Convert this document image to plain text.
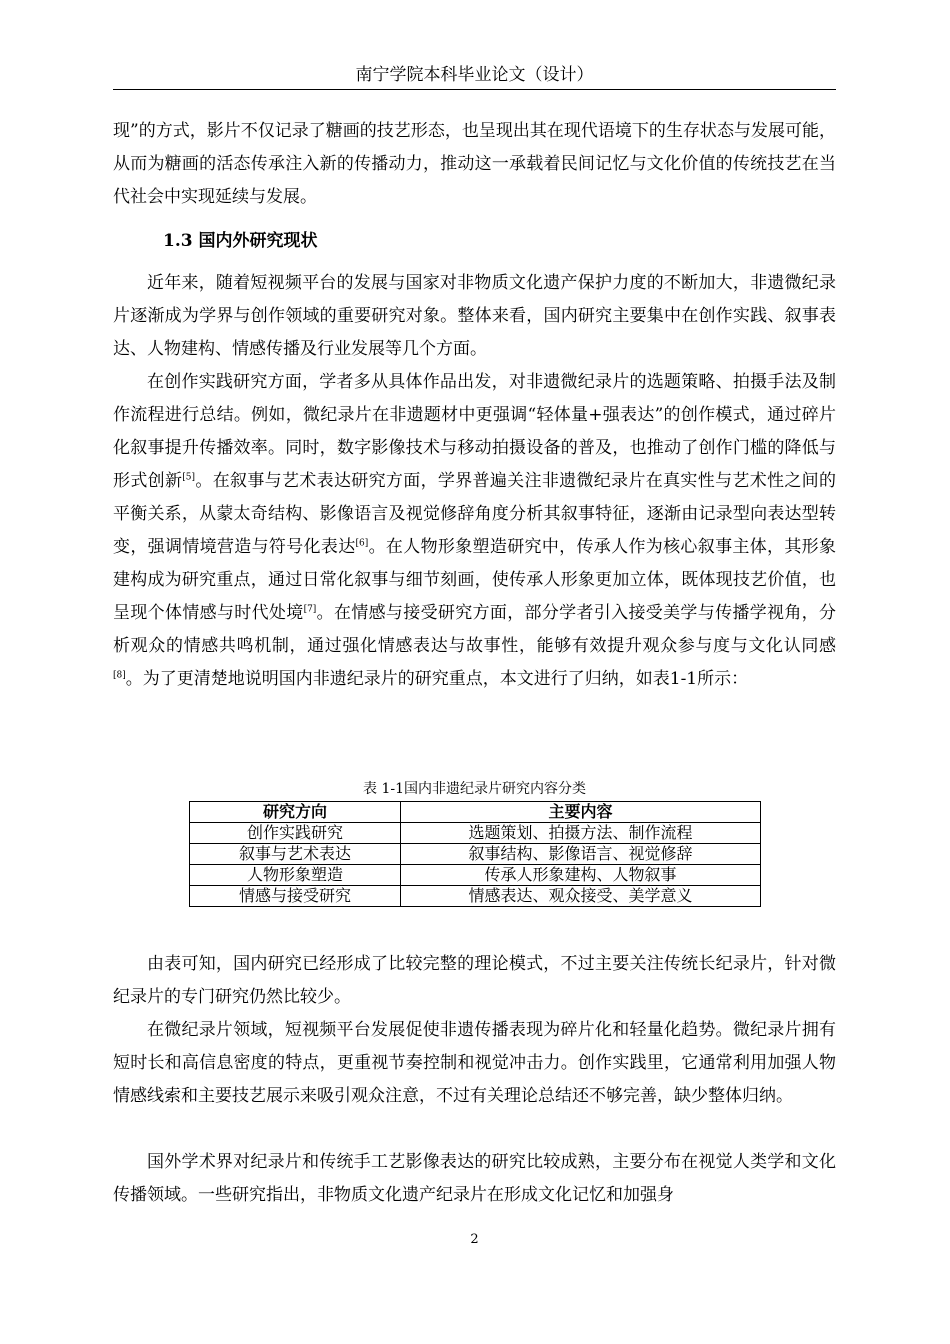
南宁学院本科毕业论文（设计）

现”的方式，影片不仅记录了糖画的技艺形态，也呈现出其在现代语境下的生存状态与发展可能，从而为糖画的活态传承注入新的传播动力，推动这一承载着民间记忆与文化价值的传统技艺在当代社会中实现延续与发展。

1.3 国内外研究现状

近年来，随着短视频平台的发展与国家对非物质文化遗产保护力度的不断加大，非遗微纪录片逐渐成为学界与创作领域的重要研究对象。整体来看，国内研究主要集中在创作实践、叙事表达、人物建构、情感传播及行业发展等几个方面。

在创作实践研究方面，学者多从具体作品出发，对非遗微纪录片的选题策略、拍摄手法及制作流程进行总结。例如，微纪录片在非遗题材中更强调“轻体量+强表达”的创作模式，通过碎片化叙事提升传播效率。同时，数字影像技术与移动拍摄设备的普及，也推动了创作门槛的降低与形式创新[5]。在叙事与艺术表达研究方面，学界普遍关注非遗微纪录片在真实性与艺术性之间的平衡关系，从蒙太奇结构、影像语言及视觉修辞角度分析其叙事特征，逐渐由记录型向表达型转变，强调情境营造与符号化表达[6]。在人物形象塑造研究中，传承人作为核心叙事主体，其形象建构成为研究重点，通过日常化叙事与细节刻画，使传承人形象更加立体，既体现技艺价值，也呈现个体情感与时代处境[7]。在情感与接受研究方面，部分学者引入接受美学与传播学视角，分析观众的情感共鸣机制，通过强化情感表达与故事性，能够有效提升观众参与度与文化认同感[8]。为了更清楚地说明国内非遗纪录片的研究重点，本文进行了归纳，如表1-1所示：

表 1-1国内非遗纪录片研究内容分类
研究方向	主要内容
创作实践研究	选题策划、拍摄方法、制作流程
叙事与艺术表达	叙事结构、影像语言、视觉修辞
人物形象塑造	传承人形象建构、人物叙事
情感与接受研究	情感表达、观众接受、美学意义

由表可知，国内研究已经形成了比较完整的理论模式，不过主要关注传统长纪录片，针对微纪录片的专门研究仍然比较少。

在微纪录片领域，短视频平台发展促使非遗传播表现为碎片化和轻量化趋势。微纪录片拥有短时长和高信息密度的特点，更重视节奏控制和视觉冲击力。创作实践里，它通常利用加强人物情感线索和主要技艺展示来吸引观众注意，不过有关理论总结还不够完善，缺少整体归纳。

国外学术界对纪录片和传统手工艺影像表达的研究比较成熟，主要分布在视觉人类学和文化传播领域。一些研究指出，非物质文化遗产纪录片在形成文化记忆和加强身

2
